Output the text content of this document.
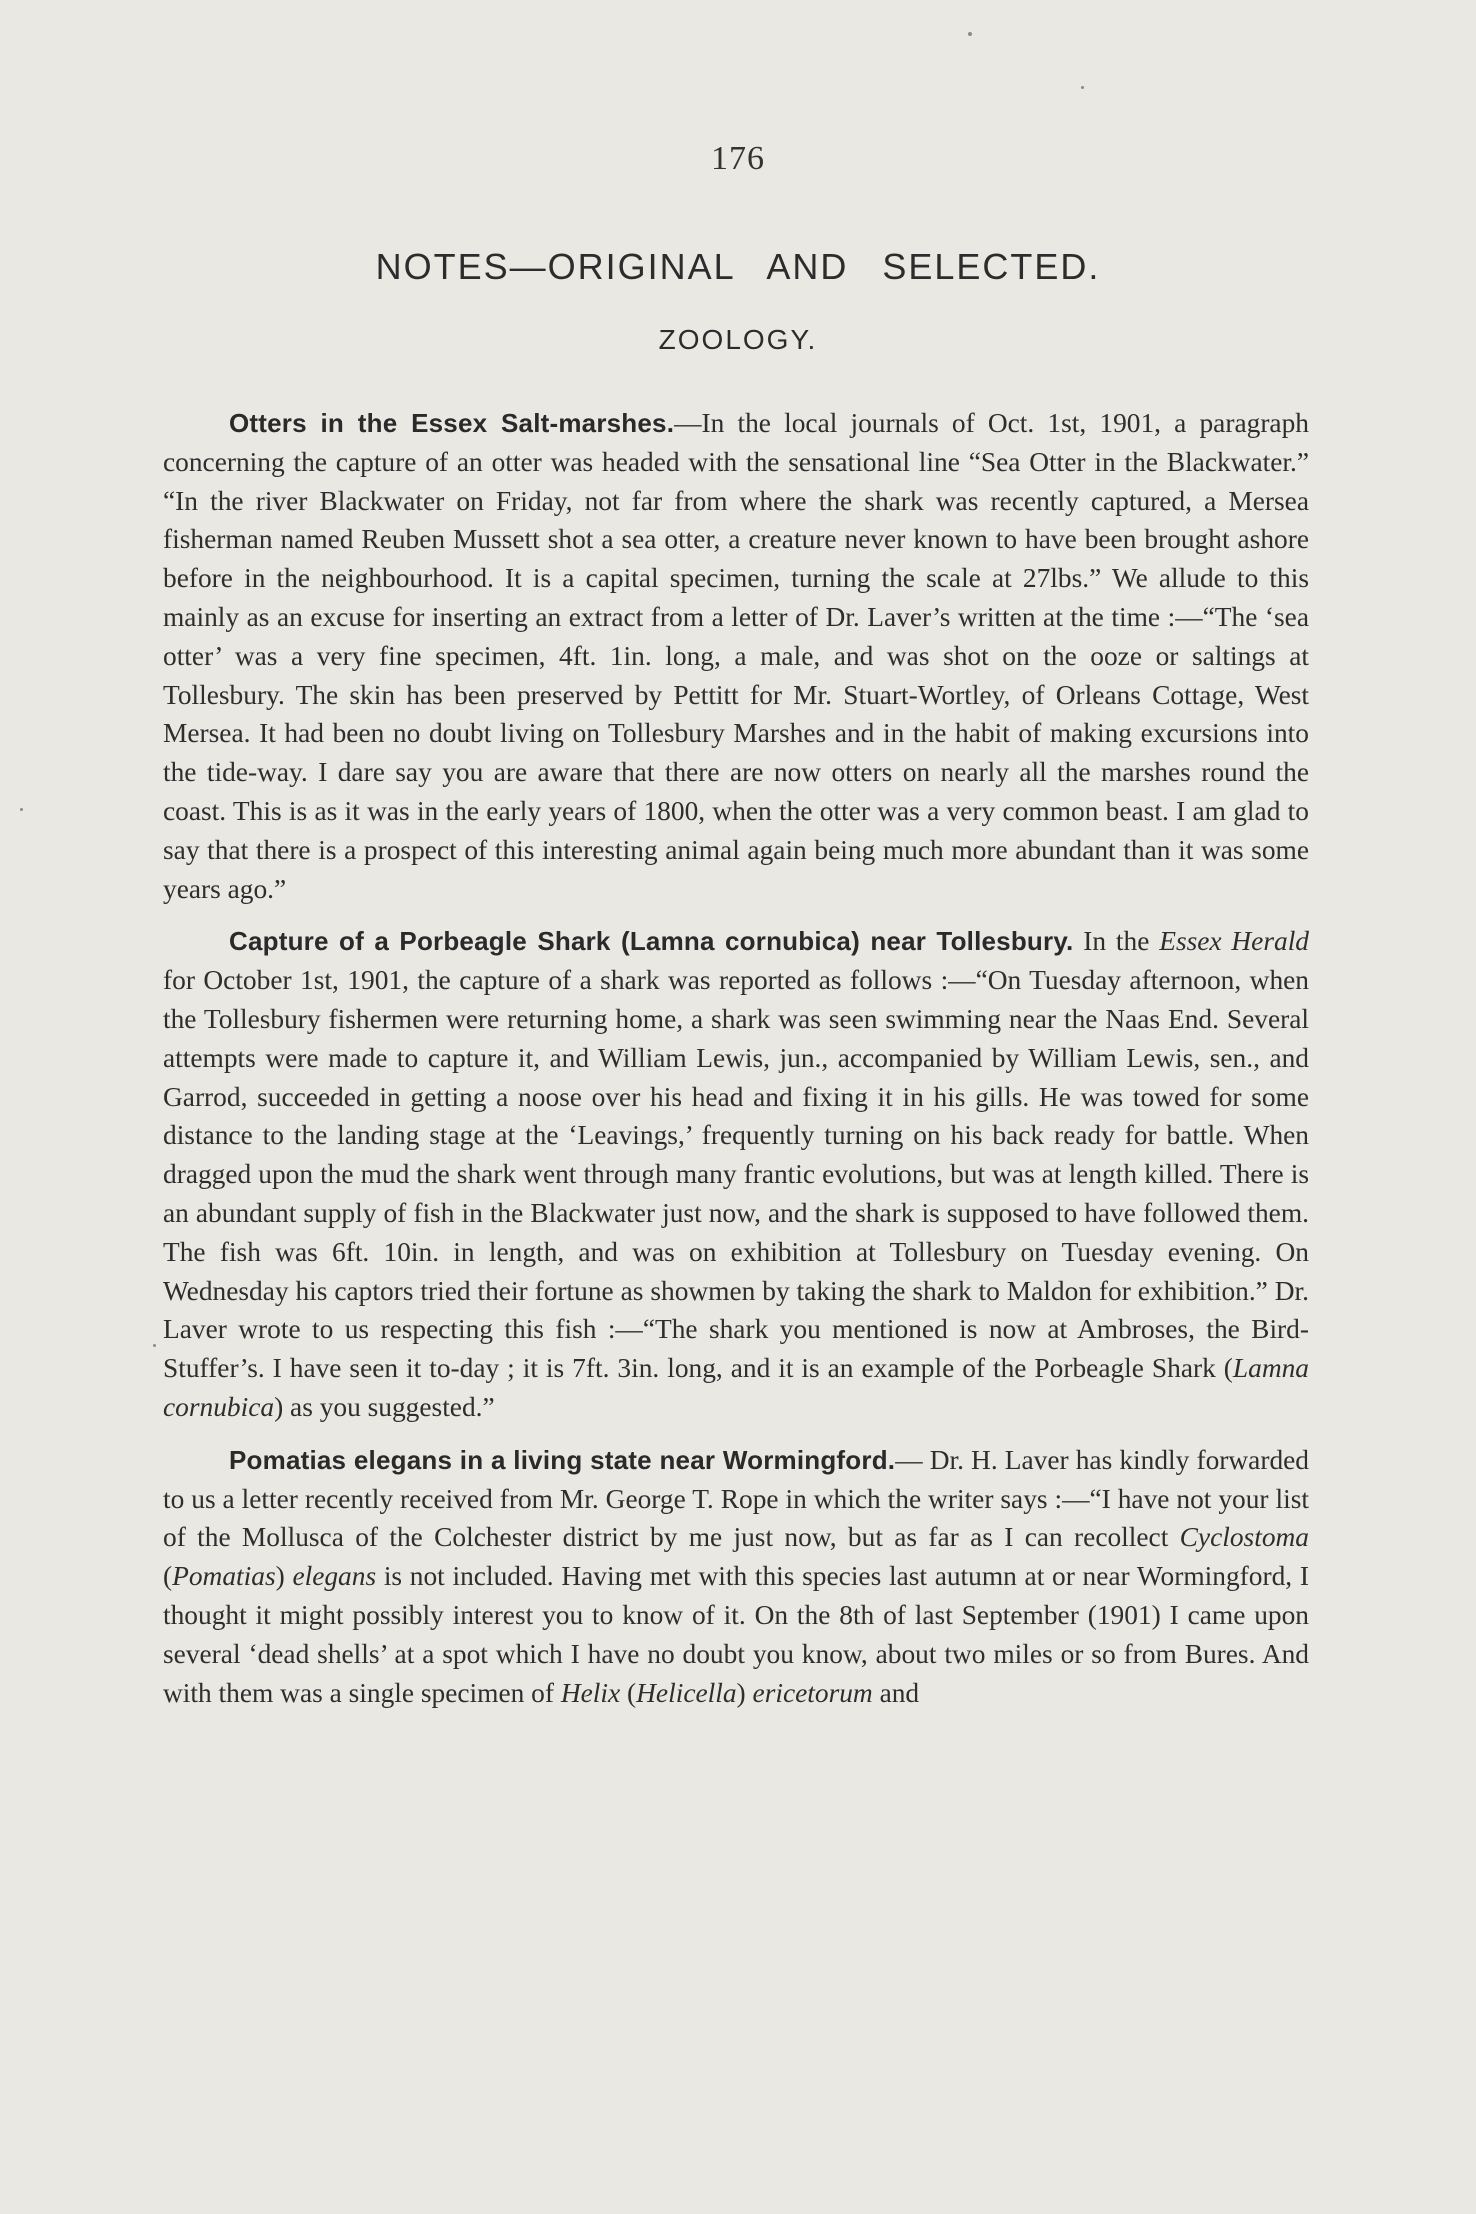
176
NOTES—ORIGINAL AND SELECTED.
ZOOLOGY.

Otters in the Essex Salt-marshes.—In the local journals of Oct. 1st, 1901, a paragraph concerning the capture of an otter was headed with the sensational line “Sea Otter in the Blackwater.” “In the river Blackwater on Friday, not far from where the shark was recently captured, a Mersea fisherman named Reuben Mussett shot a sea otter, a creature never known to have been brought ashore before in the neighbourhood. It is a capital specimen, turning the scale at 27lbs.” We allude to this mainly as an excuse for inserting an extract from a letter of Dr. Laver’s written at the time :—“The ‘sea otter’ was a very fine specimen, 4ft. 1in. long, a male, and was shot on the ooze or saltings at Tollesbury. The skin has been preserved by Pettitt for Mr. Stuart-Wortley, of Orleans Cottage, West Mersea. It had been no doubt living on Tollesbury Marshes and in the habit of making excursions into the tide-way. I dare say you are aware that there are now otters on nearly all the marshes round the coast. This is as it was in the early years of 1800, when the otter was a very common beast. I am glad to say that there is a prospect of this interesting animal again being much more abundant than it was some years ago.”

Capture of a Porbeagle Shark (Lamna cornubica) near Tollesbury. In the Essex Herald for October 1st, 1901, the capture of a shark was reported as follows :—“On Tuesday afternoon, when the Tollesbury fishermen were returning home, a shark was seen swimming near the Naas End. Several attempts were made to capture it, and William Lewis, jun., accompanied by William Lewis, sen., and Garrod, succeeded in getting a noose over his head and fixing it in his gills. He was towed for some distance to the landing stage at the ‘Leavings,’ frequently turning on his back ready for battle. When dragged upon the mud the shark went through many frantic evolutions, but was at length killed. There is an abundant supply of fish in the Blackwater just now, and the shark is supposed to have followed them. The fish was 6ft. 10in. in length, and was on exhibition at Tollesbury on Tuesday evening. On Wednesday his captors tried their fortune as showmen by taking the shark to Maldon for exhibition.” Dr. Laver wrote to us respecting this fish :—“The shark you mentioned is now at Ambroses, the Bird-Stuffer’s. I have seen it to-day ; it is 7ft. 3in. long, and it is an example of the Porbeagle Shark (Lamna cornubica) as you suggested.”

Pomatias elegans in a living state near Wormingford.— Dr. H. Laver has kindly forwarded to us a letter recently received from Mr. George T. Rope in which the writer says :—“I have not your list of the Mollusca of the Colchester district by me just now, but as far as I can recollect Cyclostoma (Pomatias) elegans is not included. Having met with this species last autumn at or near Wormingford, I thought it might possibly interest you to know of it. On the 8th of last September (1901) I came upon several ‘dead shells’ at a spot which I have no doubt you know, about two miles or so from Bures. And with them was a single specimen of Helix (Helicella) ericetorum and
